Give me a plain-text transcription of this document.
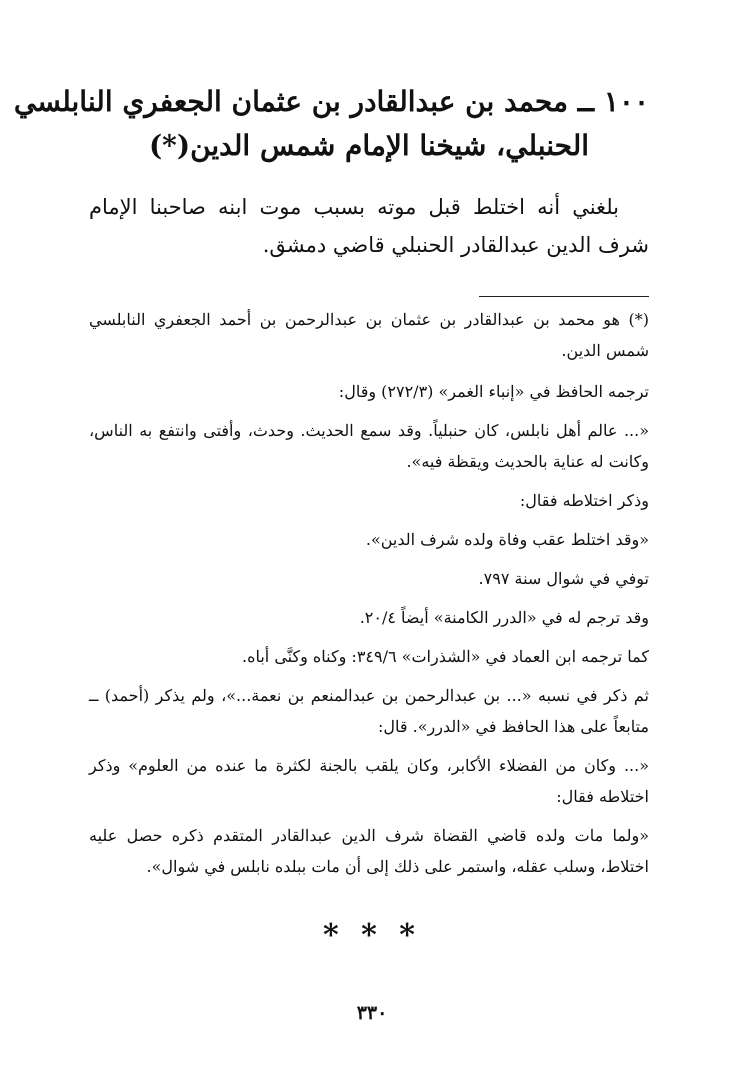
١٠٠ ــ محمد بن عبدالقادر بن عثمان الجعفري النابلسي
الحنبلي، شيخنا الإمام شمس الدين(*)

بلغني أنه اختلط قبل موته بسبب موت ابنه صاحبنا الإمام شرف الدين عبدالقادر الحنبلي قاضي دمشق.

(*) هو محمد بن عبدالقادر بن عثمان بن عبدالرحمن بن أحمد الجعفري النابلسي شمس الدين.

ترجمه الحافظ في «إنباء الغمر» (٢٧٢/٣) وقال:

«... عالم أهل نابلس، كان حنبلياً. وقد سمع الحديث. وحدث، وأفتى وانتفع به الناس، وكانت له عناية بالحديث ويقظة فيه».

وذكر اختلاطه فقال:

«وقد اختلط عقب وفاة ولده شرف الدين».

توفي في شوال سنة ٧٩٧.

وقد ترجم له في «الدرر الكامنة» أيضاً ٢٠/٤.

كما ترجمه ابن العماد في «الشذرات» ٣٤٩/٦: وكناه وكنَّى أباه.

ثم ذكر في نسبه «... بن عبدالرحمن بن عبدالمنعم بن نعمة...»، ولم يذكر (أحمد) ــ متابعاً على هذا الحافظ في «الدرر». قال:

«... وكان من الفضلاء الأكابر، وكان يلقب بالجنة لكثرة ما عنده من العلوم» وذكر اختلاطه فقال:

«ولما مات ولده قاضي القضاة شرف الدين عبدالقادر المتقدم ذكره حصل عليه اختلاط، وسلب عقله، واستمر على ذلك إلى أن مات ببلده نابلس في شوال».

* * *
٣٣٠
